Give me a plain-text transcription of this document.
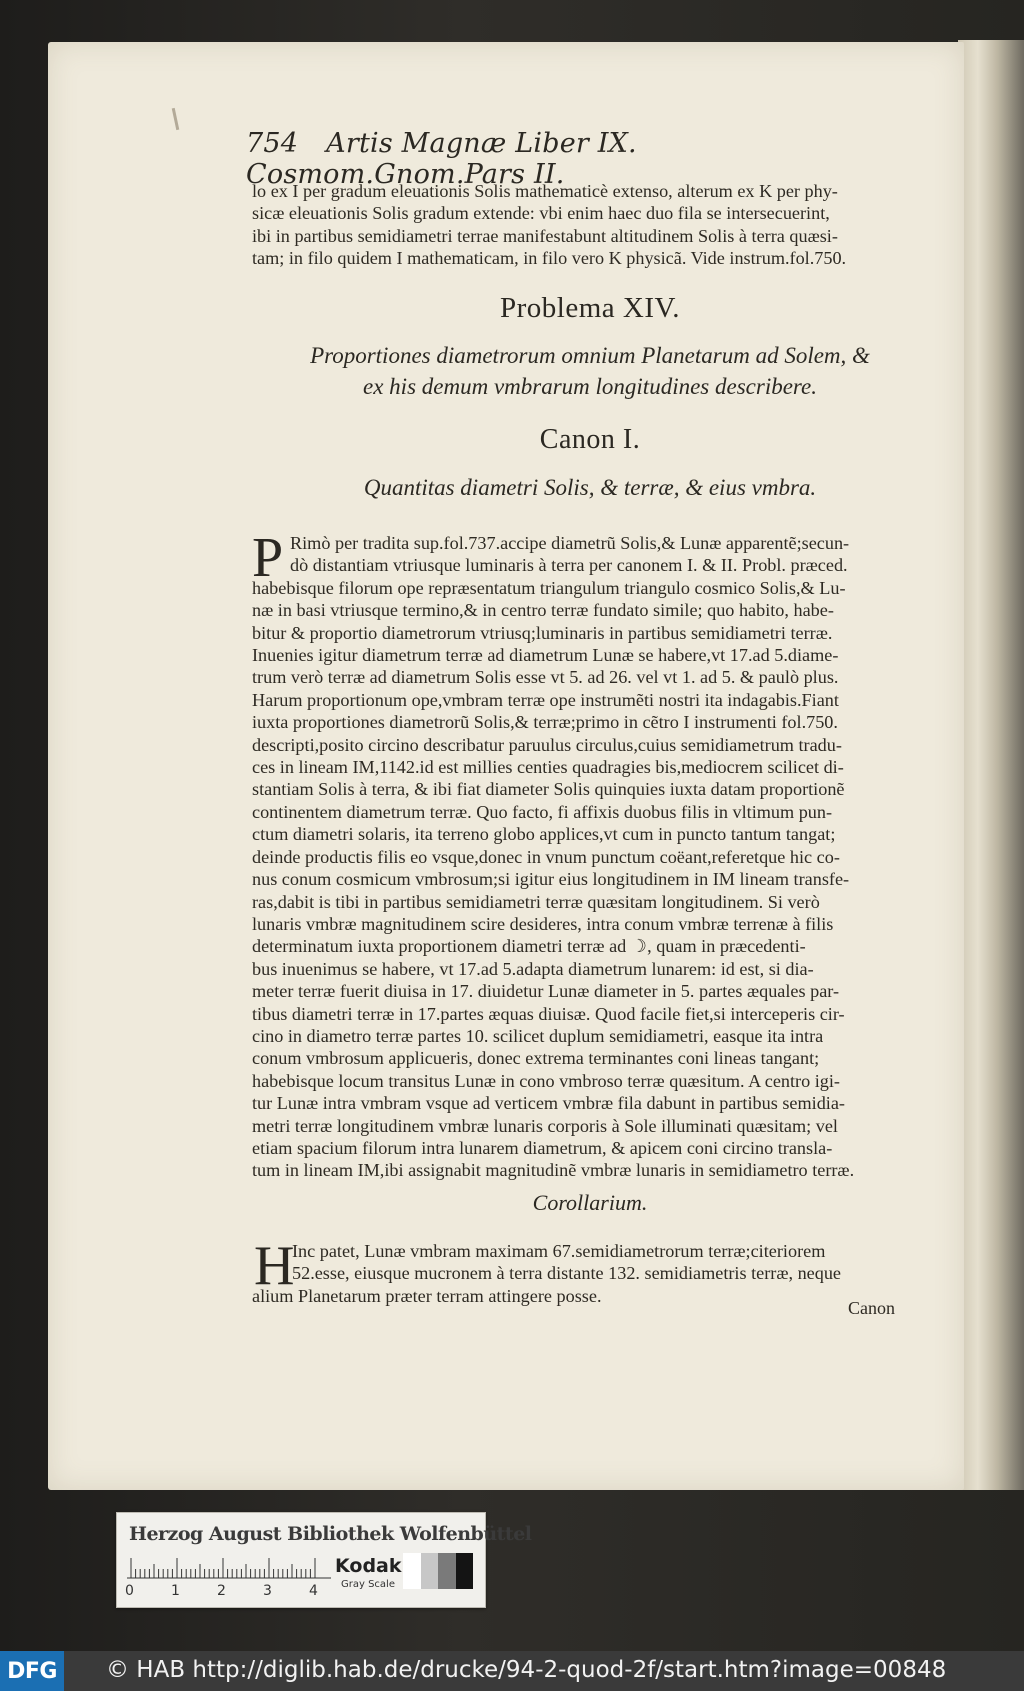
754 Artis Magnæ Liber IX. Cosmom.Gnom.Pars II.
lo ex I per gradum eleuationis Solis mathematicè extenso, alterum ex K per phy-
sicæ eleuationis Solis gradum extende: vbi enim haec duo fila se intersecuerint,
ibi in partibus semidiametri terrae manifestabunt altitudinem Solis à terra quæsi-
tam; in filo quidem I mathematicam, in filo vero K physicã. Vide instrum.fol.750.
Problema XIV.
Proportiones diametrorum omnium Planetarum ad Solem, &
ex his demum vmbrarum longitudines describere.
Canon I.
Quantitas diametri Solis, & terræ, & eius vmbra.
P Rimò per tradita sup.fol.737.accipe diametrũ Solis,& Lunæ apparentẽ;secun-
dò distantiam vtriusque luminaris à terra per canonem I. & II. Probl. præced.
habebisque filorum ope repræsentatum triangulum triangulo cosmico Solis,& Lu-
næ in basi vtriusque termino,& in centro terræ fundato simile; quo habito, habe-
bitur & proportio diametrorum vtriusq;luminaris in partibus semidiametri terræ.
Inuenies igitur diametrum terræ ad diametrum Lunæ se habere,vt 17.ad 5.diame-
trum verò terræ ad diametrum Solis esse vt 5. ad 26. vel vt 1. ad 5. & paulò plus.
Harum proportionum ope,vmbram terræ ope instrumẽti nostri ita indagabis.Fiant
iuxta proportiones diametrorũ Solis,& terræ;primo in cẽtro I instrumenti fol.750.
descripti,posito circino describatur paruulus circulus,cuius semidiametrum tradu-
ces in lineam IM,1142.id est millies centies quadragies bis,mediocrem scilicet di-
stantiam Solis à terra, & ibi fiat diameter Solis quinquies iuxta datam proportionẽ
continentem diametrum terræ. Quo facto, fi affixis duobus filis in vltimum pun-
ctum diametri solaris, ita terreno globo applices,vt cum in puncto tantum tangat;
deinde productis filis eo vsque,donec in vnum punctum coëant,referetque hic co-
nus conum cosmicum vmbrosum;si igitur eius longitudinem in IM lineam transfe-
ras,dabit is tibi in partibus semidiametri terræ quæsitam longitudinem. Si verò
lunaris vmbræ magnitudinem scire desideres, intra conum vmbræ terrenæ à filis
determinatum iuxta proportionem diametri terræ ad ☽, quam in præcedenti-
bus inuenimus se habere, vt 17.ad 5.adapta diametrum lunarem: id est, si dia-
meter terræ fuerit diuisa in 17. diuidetur Lunæ diameter in 5. partes æquales par-
tibus diametri terræ in 17.partes æquas diuisæ. Quod facile fiet,si interceperis cir-
cino in diametro terræ partes 10. scilicet duplum semidiametri, easque ita intra
conum vmbrosum applicueris, donec extrema terminantes coni lineas tangant;
habebisque locum transitus Lunæ in cono vmbroso terræ quæsitum. A centro igi-
tur Lunæ intra vmbram vsque ad verticem vmbræ fila dabunt in partibus semidia-
metri terræ longitudinem vmbræ lunaris corporis à Sole illuminati quæsitam; vel
etiam spacium filorum intra lunarem diametrum, & apicem coni circino transla-
tum in lineam IM,ibi assignabit magnitudinẽ vmbræ lunaris in semidiametro terræ.
Corollarium.
H
Inc patet, Lunæ vmbram maximam 67.semidiametrorum terræ;citeriorem
52.esse, eiusque mucronem à terra distante 132. semidiametris terræ, neque
alium Planetarum præter terram attingere posse.
Canon
Herzog August Bibliothek Wolfenbüttel
0	1	2	3	4
Kodak
Gray Scale
DFG	© HAB http://diglib.hab.de/drucke/94-2-quod-2f/start.htm?image=00848
